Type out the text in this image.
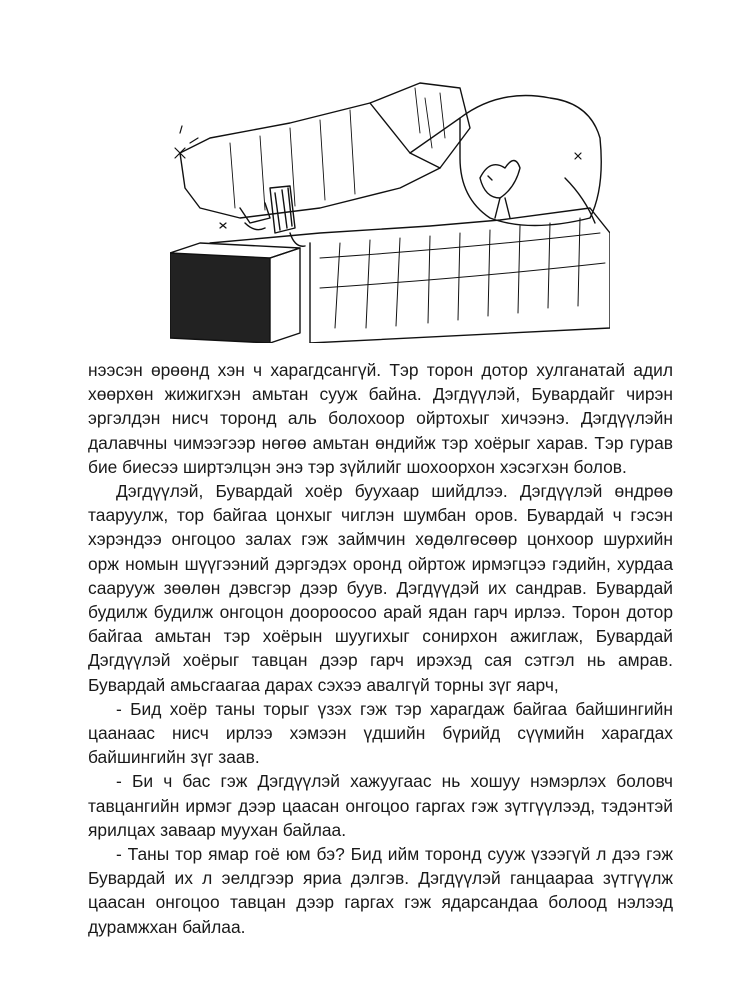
нээсэн өрөөнд хэн ч харагдсангүй. Тэр торон дотор хулганатай адил хөөрхөн жижигхэн амьтан сууж байна. Дэгдүүлэй, Бувардайг чирэн эргэлдэн нисч торонд аль болохоор ойртохыг хичээнэ. Дэгдүүлэйн далавчны чимээгээр нөгөө амьтан өндийж тэр хоёрыг харав. Тэр гурав бие биесээ ширтэлцэн энэ тэр зүйлийг шохоорхон хэсэгхэн болов.

Дэгдүүлэй, Бувардай хоёр буухаар шийдлээ. Дэгдүүлэй өндрөө тааруулж, тор байгаа цонхыг чиглэн шумбан оров. Бувардай ч гэсэн хэрэндээ онгоцоо залах гэж займчин хөдөлгөсөөр цонхоор шурхийн орж номын шүүгээний дэргэдэх оронд ойртож ирмэгцээ гэдийн, хурдаа саарууж зөөлөн дэвсгэр дээр буув. Дэгдүүдэй их сандрав. Бувардай будилж будилж онгоцон доороосоо арай ядан гарч ирлээ. Торон дотор байгаа амьтан тэр хоёрын шуугихыг сонирхон ажиглаж, Бувардай Дэгдүүлэй хоёрыг тавцан дээр гарч ирэхэд сая сэтгэл нь амрав. Бувардай амьсгаагаа дарах сэхээ авалгүй торны зүг яарч,

- Бид хоёр таны торыг үзэх гэж тэр харагдаж байгаа байшингийн цаанаас нисч ирлээ хэмээн үдшийн бүрийд сүүмийн харагдах байшингийн зүг заав.

- Би ч бас гэж Дэгдүүлэй хажуугаас нь хошуу нэмэрлэх боловч тавцангийн ирмэг дээр цаасан онгоцоо гаргах гэж зүтгүүлээд, тэдэнтэй ярилцах заваар муухан байлаа.

- Таны тор ямар гоё юм бэ? Бид ийм торонд сууж үзээгүй л дээ гэж Бувардай их л эелдгээр яриа дэлгэв. Дэгдүүлэй ганцаараа зүтгүүлж цаасан онгоцоо тавцан дээр гаргах гэж ядарсандаа болоод нэлээд дурамжхан байлаа.
